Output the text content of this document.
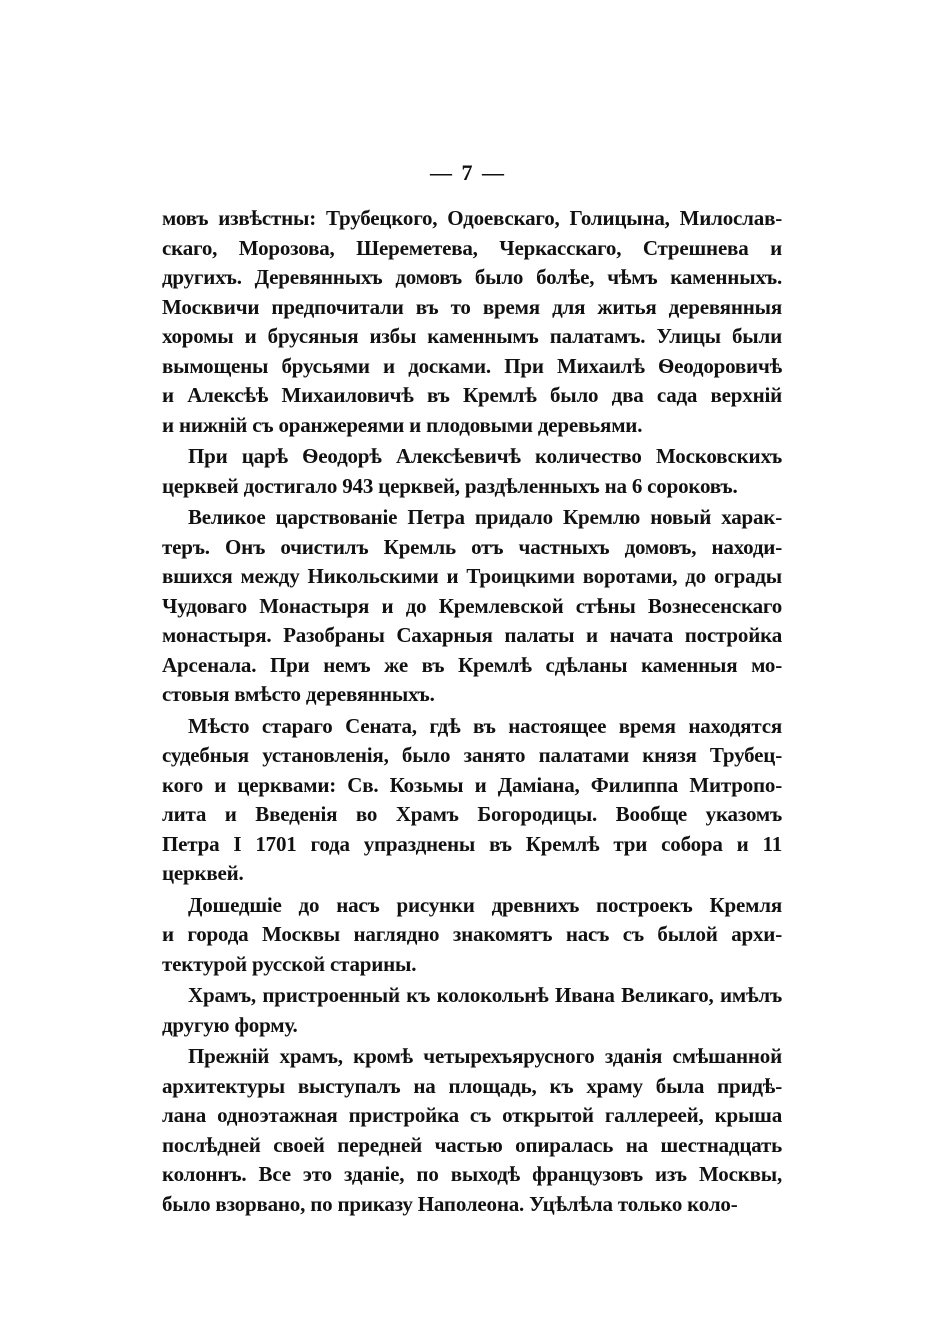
— 7 —
мовъ извѣстны: Трубецкого, Одоевскаго, Голицына, Милослав-
скаго, Морозова, Шереметева, Черкасскаго, Стрешнева и
другихъ. Деревянныхъ домовъ было болѣе, чѣмъ каменныхъ.
Москвичи предпочитали въ то время для житья деревянныя
хоромы и брусяныя избы каменнымъ палатамъ. Улицы были
вымощены брусьями и досками. При Михаилѣ Ѳеодоровичѣ
и Алексѣѣ Михаиловичѣ въ Кремлѣ было два сада верхній
и нижній съ оранжереями и плодовыми деревьями.
При царѣ Ѳеодорѣ Алексѣевичѣ количество Московскихъ
церквей достигало 943 церквей, раздѣленныхъ на 6 сороковъ.
Великое царствованіе Петра придало Кремлю новый харак-
теръ. Онъ очистилъ Кремль отъ частныхъ домовъ, находи-
вшихся между Никольскими и Троицкими воротами, до ограды
Чудоваго Монастыря и до Кремлевской стѣны Вознесенскаго
монастыря. Разобраны Сахарныя палаты и начата постройка
Арсенала. При немъ же въ Кремлѣ сдѣланы каменныя мо-
стовыя вмѣсто деревянныхъ.
Мѣсто стараго Сената, гдѣ въ настоящее время находятся
судебныя установленія, было занято палатами князя Трубец-
кого и церквами: Св. Козьмы и Даміана, Филиппа Митропо-
лита и Введенія во Храмъ Богородицы. Вообще указомъ
Петра I 1701 года упразднены въ Кремлѣ три собора и 11
церквей.
Дошедшіе до насъ рисунки древнихъ построекъ Кремля
и города Москвы наглядно знакомятъ насъ съ былой архи-
тектурой русской старины.
Храмъ, пристроенный къ колокольнѣ Ивана Великаго, имѣлъ
другую форму.
Прежній храмъ, кромѣ четырехъярусного зданія смѣшанной
архитектуры выступалъ на площадь, къ храму была придѣ-
лана одноэтажная пристройка съ открытой галлереей, крыша
послѣдней своей передней частью опиралась на шестнадцать
колоннъ. Все это зданіе, по выходѣ французовъ изъ Москвы,
было взорвано, по приказу Наполеона. Уцѣлѣла только коло-
